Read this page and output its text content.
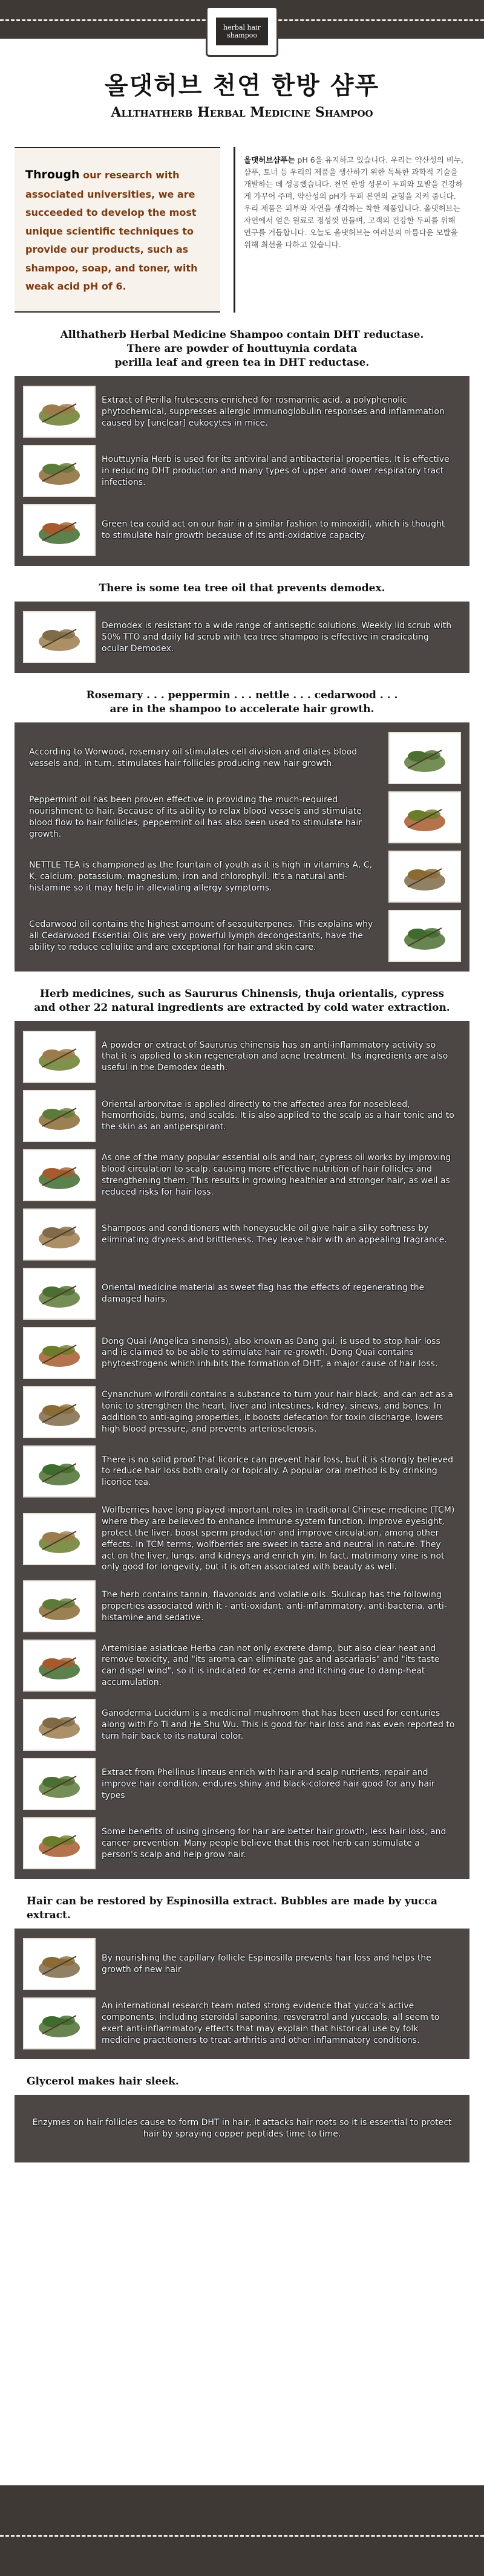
herbal hair shampoo
올댓허브 천연 한방 샴푸
Allthatherb Herbal Medicine Shampoo
Through our research with associated universities, we are succeeded to develop the most unique scientific techniques to provide our products, such as shampoo, soap, and toner, with weak acid pH of 6.
올댓허브샴푸는 pH 6을 유지하고 있습니다. 우리는 약산성의 비누, 샴푸, 토너 등 우리의 제품을 생산하기 위한 독특한 과학적 기술을 개발하는 데 성공했습니다. 천연 한방 성분이 두피와 모발을 건강하게 가꾸어 주며, 약산성의 pH가 두피 본연의 균형을 지켜 줍니다. 우리 제품은 피부와 자연을 생각하는 착한 제품입니다. 올댓허브는 자연에서 얻은 원료로 정성껏 만들며, 고객의 건강한 두피를 위해 연구를 거듭합니다. 오늘도 올댓허브는 여러분의 아름다운 모발을 위해 최선을 다하고 있습니다.
Allthatherb Herbal Medicine Shampoo contain DHT reductase.
There are powder of houttuynia cordata
perilla leaf and green tea in DHT reductase.
Extract of Perilla frutescens enriched for rosmarinic acid, a polyphenolic phytochemical, suppresses allergic immunoglobulin responses and inflammation caused by [unclear] eukocytes in mice.
Houttuynia Herb is used for its antiviral and antibacterial properties. It is effective in reducing DHT production and many types of upper and lower respiratory tract infections.
Green tea could act on our hair in a similar fashion to minoxidil, which is thought to stimulate hair growth because of its anti-oxidative capacity.
There is some tea tree oil that prevents demodex.
Demodex is resistant to a wide range of antiseptic solutions. Weekly lid scrub with 50% TTO and daily lid scrub with tea tree shampoo is effective in eradicating ocular Demodex.
Rosemary . . . peppermin . . . nettle . . . cedarwood . . .
are in the shampoo to accelerate hair growth.
According to Worwood, rosemary oil stimulates cell division and dilates blood vessels and, in turn, stimulates hair follicles producing new hair growth.
Peppermint oil has been proven effective in providing the much-required nourishment to hair. Because of its ability to relax blood vessels and stimulate blood flow to hair follicles, peppermint oil has also been used to stimulate hair growth.
NETTLE TEA is championed as the fountain of youth as it is high in vitamins A, C, K, calcium, potassium, magnesium, iron and chlorophyll. It's a natural anti-histamine so it may help in alleviating allergy symptoms.
Cedarwood oil contains the highest amount of sesquiterpenes. This explains why all Cedarwood Essential Oils are very powerful lymph decongestants, have the ability to reduce cellulite and are exceptional for hair and skin care.
Herb medicines, such as Saururus Chinensis, thuja orientalis, cypress
and other 22 natural ingredients are extracted by cold water extraction.
A powder or extract of Saururus chinensis has an anti-inflammatory activity so that it is applied to skin regeneration and acne treatment. Its ingredients are also useful in the Demodex death.
Oriental arborvitae is applied directly to the affected area for nosebleed, hemorrhoids, burns, and scalds. It is also applied to the scalp as a hair tonic and to the skin as an antiperspirant.
As one of the many popular essential oils and hair, cypress oil works by improving blood circulation to scalp, causing more effective nutrition of hair follicles and strengthening them. This results in growing healthier and stronger hair, as well as reduced risks for hair loss.
Shampoos and conditioners with honeysuckle oil give hair a silky softness by eliminating dryness and brittleness. They leave hair with an appealing fragrance.
Oriental medicine material as sweet flag has the effects of regenerating the damaged hairs.
Dong Quai (Angelica sinensis), also known as Dang gui, is used to stop hair loss and is claimed to be able to stimulate hair re-growth. Dong Quai contains phytoestrogens which inhibits the formation of DHT, a major cause of hair loss.
Cynanchum wilfordii contains a substance to turn your hair black, and can act as a tonic to strengthen the heart, liver and intestines, kidney, sinews, and bones. In addition to anti-aging properties, it boosts defecation for toxin discharge, lowers high blood pressure, and prevents arteriosclerosis.
There is no solid proof that licorice can prevent hair loss, but it is strongly believed to reduce hair loss both orally or topically. A popular oral method is by drinking licorice tea.
Wolfberries have long played important roles in traditional Chinese medicine (TCM) where they are believed to enhance immune system function, improve eyesight, protect the liver, boost sperm production and improve circulation, among other effects. In TCM terms, wolfberries are sweet in taste and neutral in nature. They act on the liver, lungs, and kidneys and enrich yin. In fact, matrimony vine is not only good for longevity, but it is often associated with beauty as well.
The herb contains tannin, flavonoids and volatile oils. Skullcap has the following properties associated with it - anti-oxidant, anti-inflammatory, anti-bacteria, anti-histamine and sedative.
Artemisiae asiaticae Herba can not only excrete damp, but also clear heat and remove toxicity, and "its aroma can eliminate gas and ascariasis" and "its taste can dispel wind", so it is indicated for eczema and itching due to damp-heat accumulation.
Ganoderma Lucidum is a medicinal mushroom that has been used for centuries along with Fo Ti and He Shu Wu. This is good for hair loss and has even reported to turn hair back to its natural color.
Extract from Phellinus linteus enrich with hair and scalp nutrients, repair and improve hair condition, endures shiny and black-colored hair good for any hair types
Some benefits of using ginseng for hair are better hair growth, less hair loss, and cancer prevention. Many people believe that this root herb can stimulate a person's scalp and help grow hair.
Hair can be restored by Espinosilla extract. Bubbles are made by yucca extract.
By nourishing the capillary follicle Espinosilla prevents hair loss and helps the growth of new hair
An international research team noted strong evidence that yucca's active components, including steroidal saponins, resveratrol and yuccaols, all seem to exert anti-inflammatory effects that may explain that historical use by folk medicine practitioners to treat arthritis and other inflammatory conditions.
Glycerol makes hair sleek.
Enzymes on hair follicles cause to form DHT in hair, it attacks hair roots so it is essential to protect hair by spraying copper peptides time to time.
